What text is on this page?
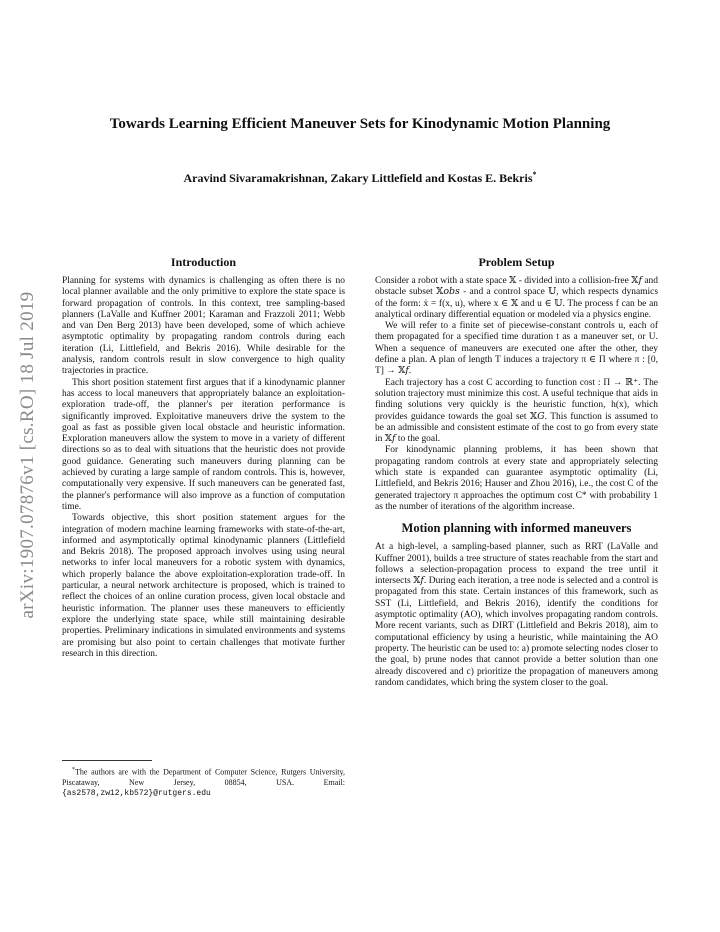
arXiv:1907.07876v1 [cs.RO] 18 Jul 2019
Towards Learning Efficient Maneuver Sets for Kinodynamic Motion Planning
Aravind Sivaramakrishnan, Zakary Littlefield and Kostas E. Bekris*
Introduction

Planning for systems with dynamics is challenging as often there is no local planner available and the only primitive to explore the state space is forward propagation of controls. In this context, tree sampling-based planners (LaValle and Kuffner 2001; Karaman and Frazzoli 2011; Webb and van Den Berg 2013) have been developed, some of which achieve asymptotic optimality by propagating random controls during each iteration (Li, Littlefield, and Bekris 2016). While desirable for the analysis, random controls result in slow convergence to high quality trajectories in practice.

This short position statement first argues that if a kinodynamic planner has access to local maneuvers that appropriately balance an exploitation-exploration trade-off, the planner's per iteration performance is significantly improved. Exploitative maneuvers drive the system to the goal as fast as possible given local obstacle and heuristic information. Exploration maneuvers allow the system to move in a variety of different directions so as to deal with situations that the heuristic does not provide good guidance. Generating such maneuvers during planning can be achieved by curating a large sample of random controls. This is, however, computationally very expensive. If such maneuvers can be generated fast, the planner's performance will also improve as a function of computation time.

Towards objective, this short position statement argues for the integration of modern machine learning frameworks with state-of-the-art, informed and asymptotically optimal kinodynamic planners (Littlefield and Bekris 2018). The proposed approach involves using using neural networks to infer local maneuvers for a robotic system with dynamics, which properly balance the above exploitation-exploration trade-off. In particular, a neural network architecture is proposed, which is trained to reflect the choices of an online curation process, given local obstacle and heuristic information. The planner uses these maneuvers to efficiently explore the underlying state space, while still maintaining desirable properties. Preliminary indications in simulated environments and systems are promising but also point to certain challenges that motivate further research in this direction.

*The authors are with the Department of Computer Science, Rutgers University, Piscataway, New Jersey, 08854, USA. Email: {as2578,zw12,kb572}@rutgers.edu
Problem Setup

Consider a robot with a state space 𝕏 - divided into a collision-free 𝕏𝑓 and obstacle subset 𝕏𝑜𝑏𝑠 - and a control space 𝕌, which respects dynamics of the form: ẋ = f(x, u), where x ∈ 𝕏 and u ∈ 𝕌. The process f can be an analytical ordinary differential equation or modeled via a physics engine.

We will refer to a finite set of piecewise-constant controls u, each of them propagated for a specified time duration t as a maneuver set, or U. When a sequence of maneuvers are executed one after the other, they define a plan. A plan of length T induces a trajectory π ∈ Π where π : [0, T] → 𝕏𝑓.

Each trajectory has a cost C according to function cost : Π → ℝ⁺. The solution trajectory must minimize this cost. A useful technique that aids in finding solutions very quickly is the heuristic function, h(x), which provides guidance towards the goal set 𝕏𝐺. This function is assumed to be an admissible and consistent estimate of the cost to go from every state in 𝕏𝑓 to the goal.

For kinodynamic planning problems, it has been shown that propagating random controls at every state and appropriately selecting which state is expanded can guarantee asymptotic optimality (Li, Littlefield, and Bekris 2016; Hauser and Zhou 2016), i.e., the cost C of the generated trajectory π approaches the optimum cost C* with probability 1 as the number of iterations of the algorithm increase.

Motion planning with informed maneuvers

At a high-level, a sampling-based planner, such as RRT (LaValle and Kuffner 2001), builds a tree structure of states reachable from the start and follows a selection-propagation process to expand the tree until it intersects 𝕏𝑓. During each iteration, a tree node is selected and a control is propagated from this state. Certain instances of this framework, such as SST (Li, Littlefield, and Bekris 2016), identify the conditions for asymptotic optimality (AO), which involves propagating random controls. More recent variants, such as DIRT (Littlefield and Bekris 2018), aim to computational efficiency by using a heuristic, while maintaining the AO property. The heuristic can be used to: a) promote selecting nodes closer to the goal, b) prune nodes that cannot provide a better solution than one already discovered and c) prioritize the propagation of maneuvers among random candidates, which bring the system closer to the goal.
